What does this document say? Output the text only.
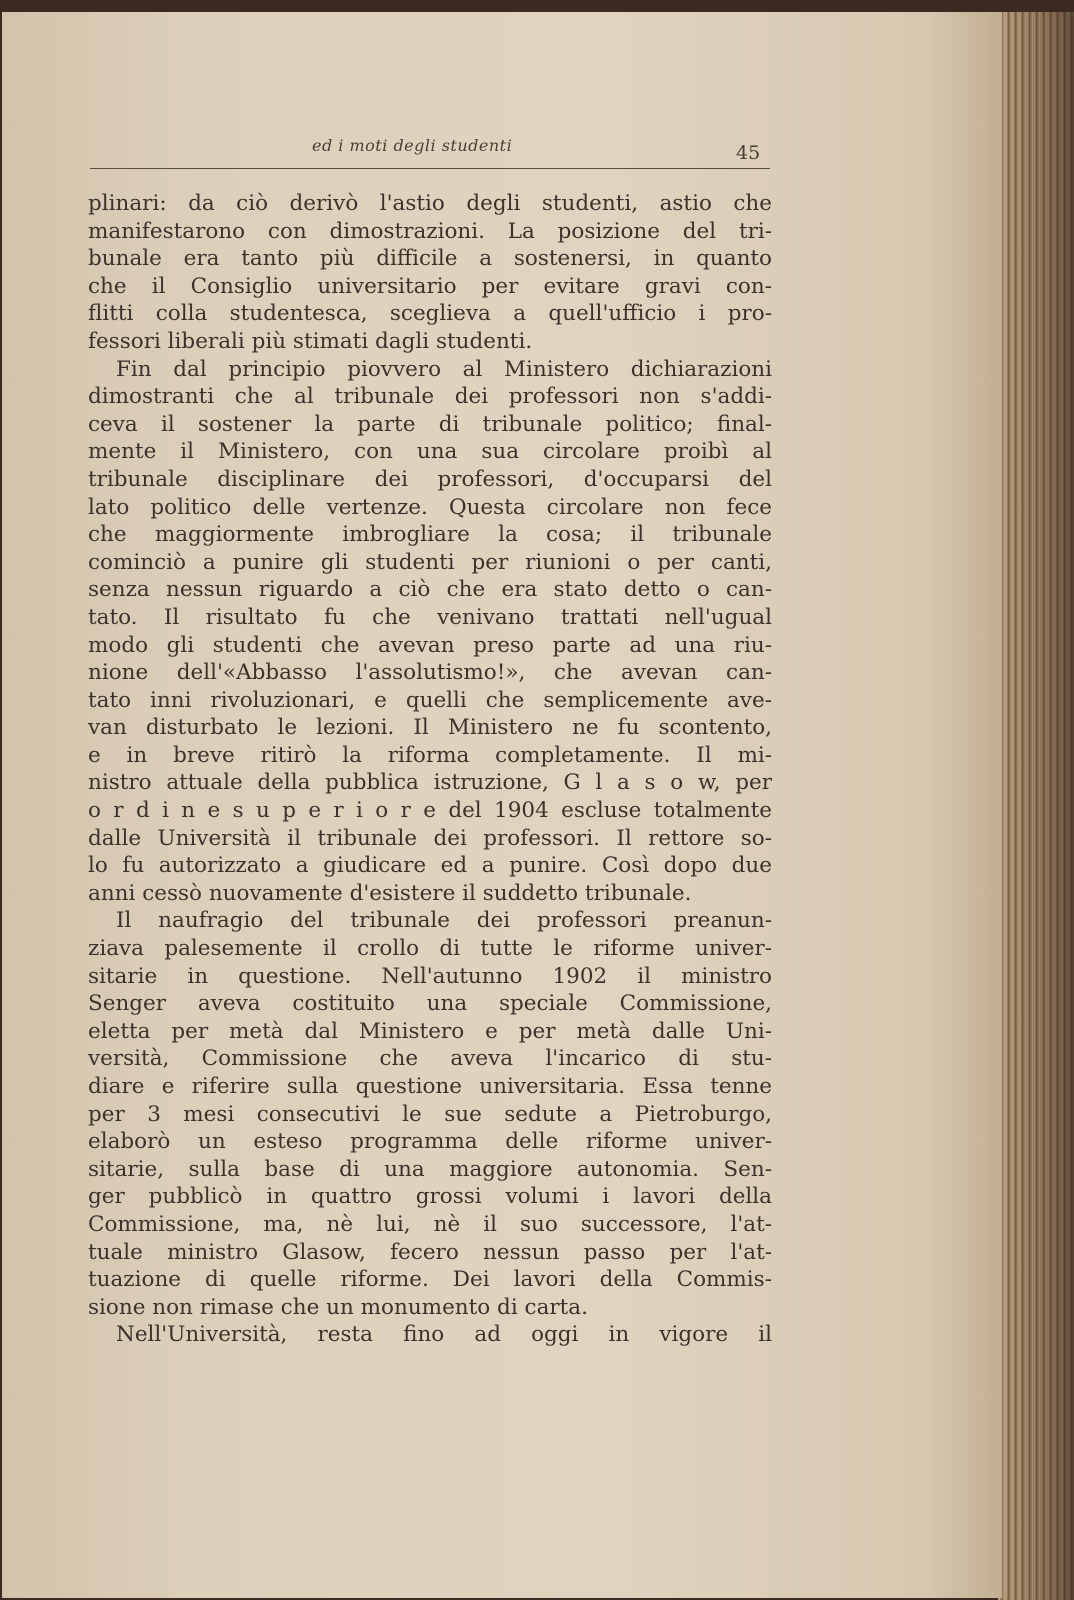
ed i moti degli studenti	45
plinari: da ciò derivò l'astio degli studenti, astio che
manifestarono con dimostrazioni. La posizione del tri-
bunale era tanto più difficile a sostenersi, in quanto
che il Consiglio universitario per evitare gravi con-
flitti colla studentesca, sceglieva a quell'ufficio i pro-
fessori liberali più stimati dagli studenti.
Fin dal principio piovvero al Ministero dichiarazioni
dimostranti che al tribunale dei professori non s'addi-
ceva il sostener la parte di tribunale politico; final-
mente il Ministero, con una sua circolare proibì al
tribunale disciplinare dei professori, d'occuparsi del
lato politico delle vertenze. Questa circolare non fece
che maggiormente imbrogliare la cosa; il tribunale
cominciò a punire gli studenti per riunioni o per canti,
senza nessun riguardo a ciò che era stato detto o can-
tato. Il risultato fu che venivano trattati nell'ugual
modo gli studenti che avevan preso parte ad una riu-
nione dell'«Abbasso l'assolutismo!», che avevan can-
tato inni rivoluzionari, e quelli che semplicemente ave-
van disturbato le lezioni. Il Ministero ne fu scontento,
e in breve ritirò la riforma completamente. Il mi-
nistro attuale della pubblica istruzione, G l a s o w, per
o r d i n e s u p e r i o r e del 1904 escluse totalmente
dalle Università il tribunale dei professori. Il rettore so-
lo fu autorizzato a giudicare ed a punire. Così dopo due
anni cessò nuovamente d'esistere il suddetto tribunale.
Il naufragio del tribunale dei professori preanun-
ziava palesemente il crollo di tutte le riforme univer-
sitarie in questione. Nell'autunno 1902 il ministro
Senger aveva costituito una speciale Commissione,
eletta per metà dal Ministero e per metà dalle Uni-
versità, Commissione che aveva l'incarico di stu-
diare e riferire sulla questione universitaria. Essa tenne
per 3 mesi consecutivi le sue sedute a Pietroburgo,
elaborò un esteso programma delle riforme univer-
sitarie, sulla base di una maggiore autonomia. Sen-
ger pubblicò in quattro grossi volumi i lavori della
Commissione, ma, nè lui, nè il suo successore, l'at-
tuale ministro Glasow, fecero nessun passo per l'at-
tuazione di quelle riforme. Dei lavori della Commis-
sione non rimase che un monumento di carta.
Nell'Università, resta fino ad oggi in vigore il
